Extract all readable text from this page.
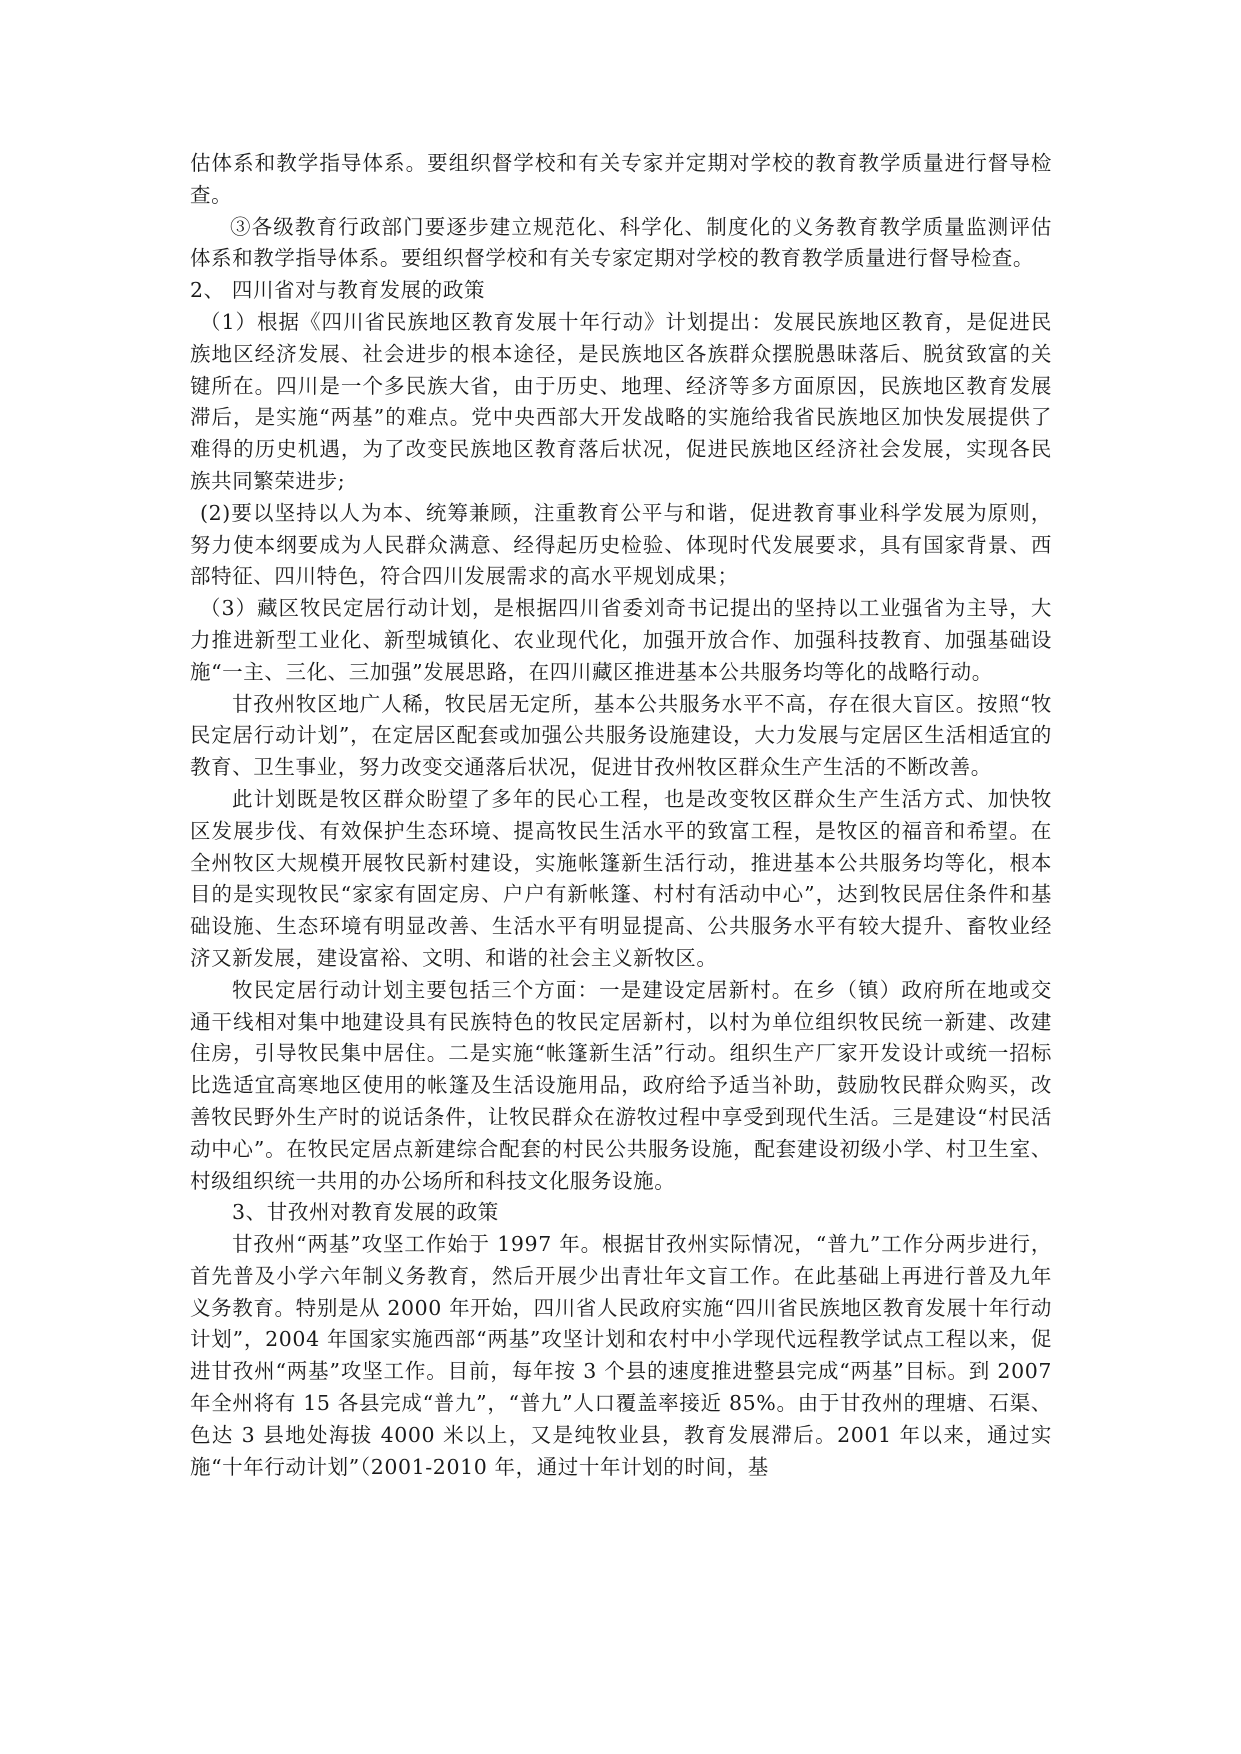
估体系和教学指导体系。要组织督学校和有关专家并定期对学校的教育教学质量进行督导检查。

③各级教育行政部门要逐步建立规范化、科学化、制度化的义务教育教学质量监测评估体系和教学指导体系。要组织督学校和有关专家定期对学校的教育教学质量进行督导检查。

2、 四川省对与教育发展的政策

（1）根据《四川省民族地区教育发展十年行动》计划提出：发展民族地区教育，是促进民族地区经济发展、社会进步的根本途径，是民族地区各族群众摆脱愚昧落后、脱贫致富的关键所在。四川是一个多民族大省，由于历史、地理、经济等多方面原因，民族地区教育发展滞后，是实施“两基”的难点。党中央西部大开发战略的实施给我省民族地区加快发展提供了难得的历史机遇，为了改变民族地区教育落后状况，促进民族地区经济社会发展，实现各民族共同繁荣进步;

(2)要以坚持以人为本、统筹兼顾，注重教育公平与和谐，促进教育事业科学发展为原则，努力使本纲要成为人民群众满意、经得起历史检验、体现时代发展要求，具有国家背景、西部特征、四川特色，符合四川发展需求的高水平规划成果；

（3）藏区牧民定居行动计划，是根据四川省委刘奇书记提出的坚持以工业强省为主导，大力推进新型工业化、新型城镇化、农业现代化，加强开放合作、加强科技教育、加强基础设施“一主、三化、三加强”发展思路，在四川藏区推进基本公共服务均等化的战略行动。

甘孜州牧区地广人稀，牧民居无定所，基本公共服务水平不高，存在很大盲区。按照“牧民定居行动计划”，在定居区配套或加强公共服务设施建设，大力发展与定居区生活相适宜的教育、卫生事业，努力改变交通落后状况，促进甘孜州牧区群众生产生活的不断改善。

此计划既是牧区群众盼望了多年的民心工程，也是改变牧区群众生产生活方式、加快牧区发展步伐、有效保护生态环境、提高牧民生活水平的致富工程，是牧区的福音和希望。在全州牧区大规模开展牧民新村建设，实施帐篷新生活行动，推进基本公共服务均等化，根本目的是实现牧民“家家有固定房、户户有新帐篷、村村有活动中心”，达到牧民居住条件和基础设施、生态环境有明显改善、生活水平有明显提高、公共服务水平有较大提升、畜牧业经济又新发展，建设富裕、文明、和谐的社会主义新牧区。

牧民定居行动计划主要包括三个方面：一是建设定居新村。在乡（镇）政府所在地或交通干线相对集中地建设具有民族特色的牧民定居新村，以村为单位组织牧民统一新建、改建住房，引导牧民集中居住。二是实施“帐篷新生活”行动。组织生产厂家开发设计或统一招标比选适宜高寒地区使用的帐篷及生活设施用品，政府给予适当补助，鼓励牧民群众购买，改善牧民野外生产时的说话条件，让牧民群众在游牧过程中享受到现代生活。三是建设“村民活动中心”。在牧民定居点新建综合配套的村民公共服务设施，配套建设初级小学、村卫生室、村级组织统一共用的办公场所和科技文化服务设施。

3、甘孜州对教育发展的政策

甘孜州“两基”攻坚工作始于 1997 年。根据甘孜州实际情况，“普九”工作分两步进行，首先普及小学六年制义务教育，然后开展少出青壮年文盲工作。在此基础上再进行普及九年义务教育。特别是从 2000 年开始，四川省人民政府实施“四川省民族地区教育发展十年行动计划”，2004 年国家实施西部“两基”攻坚计划和农村中小学现代远程教学试点工程以来，促进甘孜州“两基”攻坚工作。目前，每年按 3 个县的速度推进整县完成“两基”目标。到 2007 年全州将有 15 各县完成“普九”，“普九”人口覆盖率接近 85%。由于甘孜州的理塘、石渠、色达 3 县地处海拔 4000 米以上，又是纯牧业县，教育发展滞后。2001 年以来，通过实施“十年行动计划”（2001-2010 年，通过十年计划的时间，基
